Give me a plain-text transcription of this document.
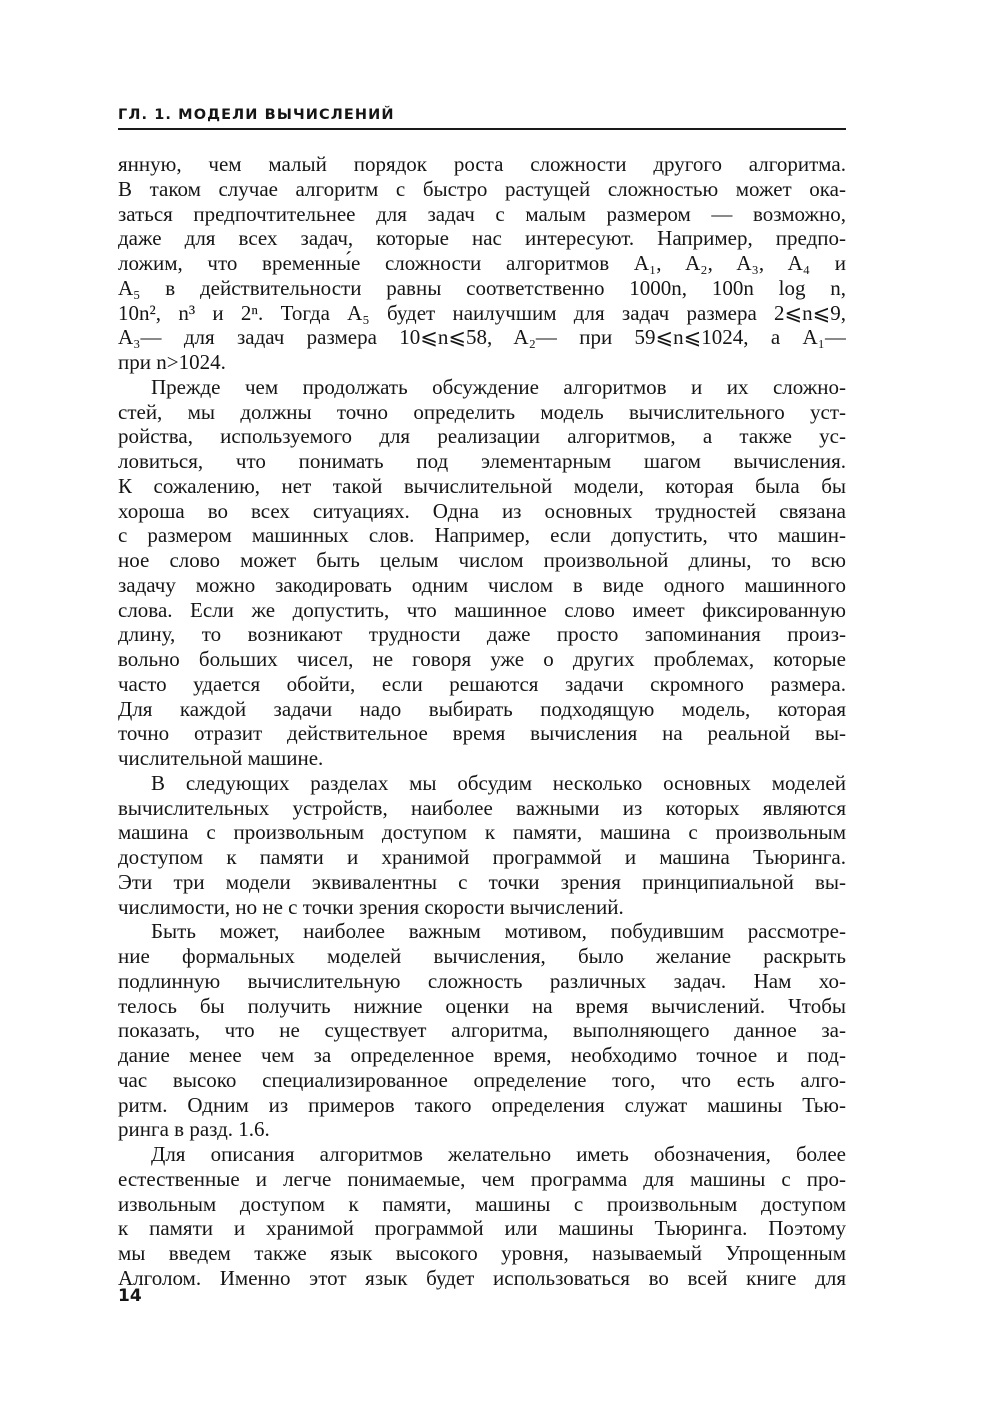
ГЛ. 1. МОДЕЛИ ВЫЧИСЛЕНИЙ
янную, чем малый порядок роста сложности другого алгоритма.
В таком случае алгоритм с быстро растущей сложностью может ока-
заться предпочтительнее для задач с малым размером — возможно,
даже для всех задач, которые нас интересуют. Например, предпо-
ложим, что временны́е сложности алгоритмов A₁, A₂, A₃, A₄ и
A₅ в действительности равны соответственно 1000n, 100n log n,
10n², n³ и 2ⁿ. Тогда A₅ будет наилучшим для задач размера 2⩽n⩽9,
A₃— для задач размера 10⩽n⩽58, A₂— при 59⩽n⩽1024, а A₁—
при n>1024.
Прежде чем продолжать обсуждение алгоритмов и их сложно-
стей, мы должны точно определить модель вычислительного уст-
ройства, используемого для реализации алгоритмов, а также ус-
ловиться, что понимать под элементарным шагом вычисления.
К сожалению, нет такой вычислительной модели, которая была бы
хороша во всех ситуациях. Одна из основных трудностей связана
с размером машинных слов. Например, если допустить, что машин-
ное слово может быть целым числом произвольной длины, то всю
задачу можно закодировать одним числом в виде одного машинного
слова. Если же допустить, что машинное слово имеет фиксированную
длину, то возникают трудности даже просто запоминания произ-
вольно больших чисел, не говоря уже о других проблемах, которые
часто удается обойти, если решаются задачи скромного размера.
Для каждой задачи надо выбирать подходящую модель, которая
точно отразит действительное время вычисления на реальной вы-
числительной машине.
В следующих разделах мы обсудим несколько основных моделей
вычислительных устройств, наиболее важными из которых являются
машина с произвольным доступом к памяти, машина с произвольным
доступом к памяти и хранимой программой и машина Тьюринга.
Эти три модели эквивалентны с точки зрения принципиальной вы-
числимости, но не с точки зрения скорости вычислений.
Быть может, наиболее важным мотивом, побудившим рассмотре-
ние формальных моделей вычисления, было желание раскрыть
подлинную вычислительную сложность различных задач. Нам хо-
телось бы получить нижние оценки на время вычислений. Чтобы
показать, что не существует алгоритма, выполняющего данное за-
дание менее чем за определенное время, необходимо точное и под-
час высоко специализированное определение того, что есть алго-
ритм. Одним из примеров такого определения служат машины Тью-
ринга в разд. 1.6.
Для описания алгоритмов желательно иметь обозначения, более
естественные и легче понимаемые, чем программа для машины с про-
извольным доступом к памяти, машины с произвольным доступом
к памяти и хранимой программой или машины Тьюринга. Поэтому
мы введем также язык высокого уровня, называемый Упрощенным
Алголом. Именно этот язык будет использоваться во всей книге для
14
